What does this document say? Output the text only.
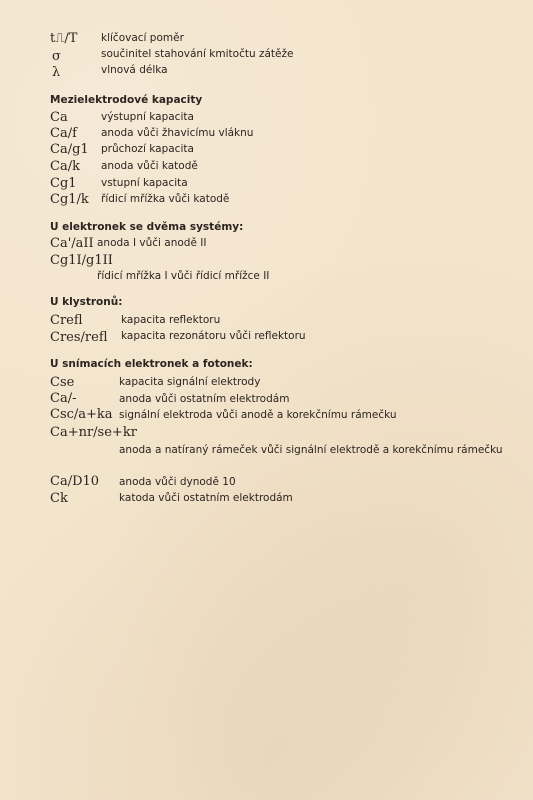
t⎍/T klíčovací poměr
σ	součinitel stahování kmitočtu zátěže
λ	vlnová délka
Mezielektrodové kapacity
Ca	výstupní kapacita
Ca/f anoda vůči žhavicímu vláknu
Ca/g1 průchozí kapacita
Ca/k anoda vůči katodě
Cg1 vstupní kapacita
Cg1/k řídicí mřížka vůči katodě
U elektronek se dvěma systémy:
Ca'/aII anoda I vůči anodě II
Cg1I/g1II
řídicí mřížka I vůči řídicí mřížce II
U klystronů:
Crefl	kapacita reflektoru
Cres/refl kapacita rezonátoru vůči reflektoru
U snímacích elektronek a fotonek:
Cse	kapacita signální elektrody
Ca/-	anoda vůči ostatním elektrodám
Csc/a+ka signální elektroda vůči anodě a korekčnímu rámečku
Ca+nr/se+kr
anoda a natíraný rámeček vůči signální elektrodě a korekčnímu rámečku
Ca/D10 anoda vůči dynodě 10
Ck	katoda vůči ostatním elektrodám
